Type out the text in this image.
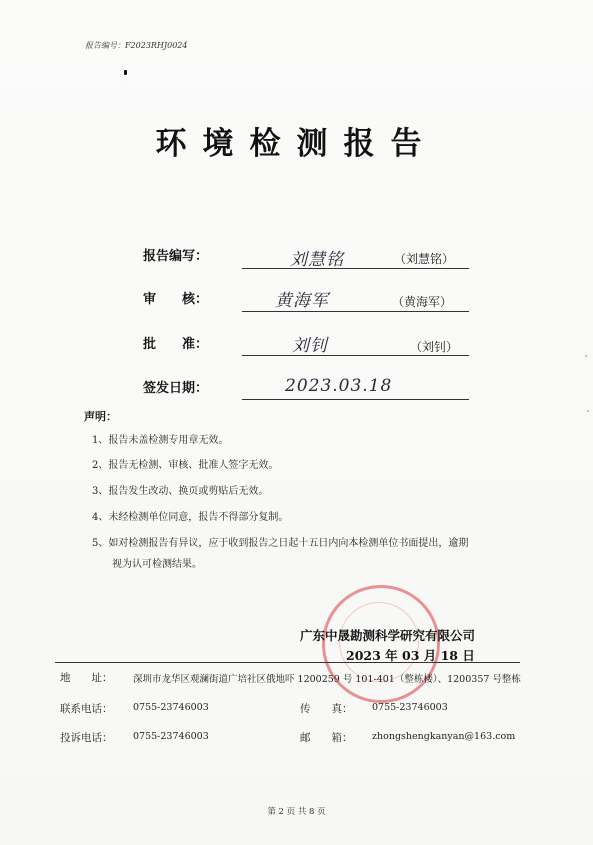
报告编号：F2023RHJ0024
环境检测报告
报告编写：	刘慧铭	（刘慧铭）
审　　核：	黄海军	（黄海军）
批　　准：	刘钊	（刘钊）
签发日期：	2023.03.18
声明：
1、报告未盖检测专用章无效。
2、报告无检测、审核、批准人签字无效。
3、报告发生改动、换页或剪贴后无效。
4、未经检测单位同意，报告不得部分复制。
5、如对检测报告有异议，应于收到报告之日起十五日内向本检测单位书面提出，逾期
视为认可检测结果。
广东中晟勘测科学研究有限公司
2023 年 03 月 18 日
地　　址： 深圳市龙华区观澜街道广培社区俄地吓 1200259 号 101-401（整栋楼）、1200357 号整栋
联系电话： 0755-23746003	传　　真： 0755-23746003
投诉电话： 0755-23746003	邮　　箱： zhongshengkanyan@163.com
第 2 页 共 8 页
